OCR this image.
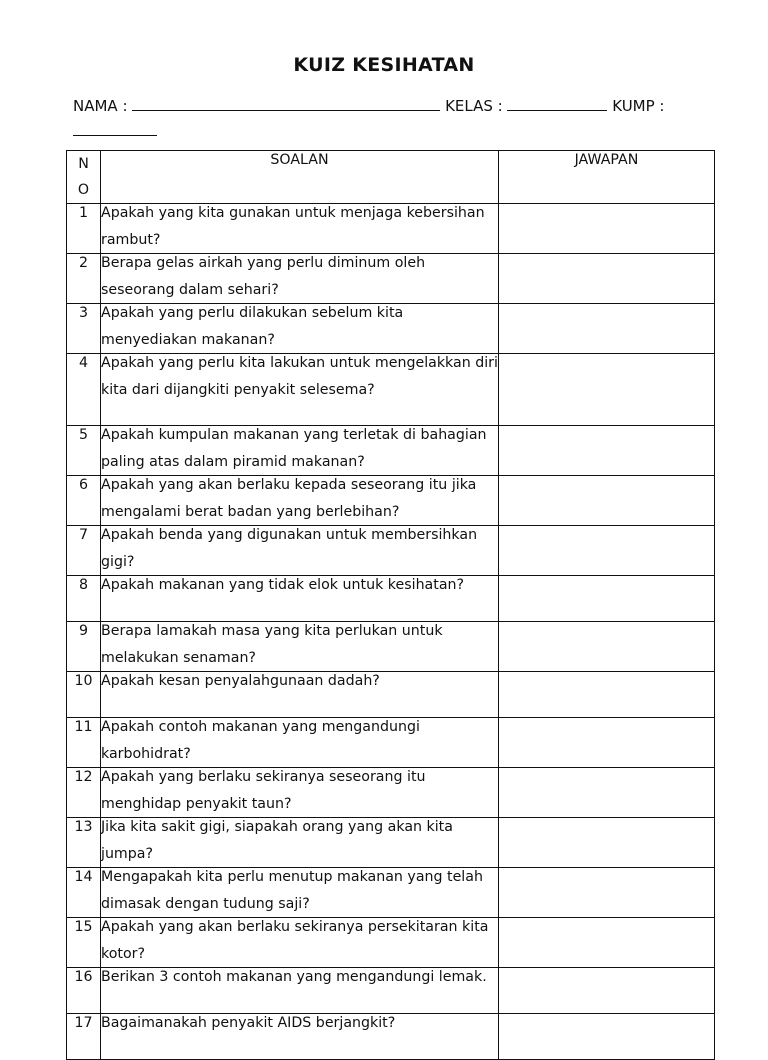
KUIZ KESIHATAN
NAMA :	KELAS :	KUMP :

N
O	SOALAN	JAWAPAN
1	Apakah yang kita gunakan untuk menjaga kebersihan rambut?	

2	Berapa gelas airkah yang perlu diminum oleh seseorang dalam sehari?	

3	Apakah yang perlu dilakukan sebelum kita menyediakan makanan?	

4	Apakah yang perlu kita lakukan untuk mengelakkan diri kita dari dijangkiti penyakit selesema?	

5	Apakah kumpulan makanan yang terletak di bahagian paling atas dalam piramid makanan?	

6	Apakah yang akan berlaku kepada seseorang itu jika mengalami berat badan yang berlebihan?	

7	Apakah benda yang digunakan untuk membersihkan gigi?	

8	Apakah makanan yang tidak elok untuk kesihatan?	

9	Berapa lamakah masa yang kita perlukan untuk melakukan senaman?	

10	Apakah kesan penyalahgunaan dadah?	

11	Apakah contoh makanan yang mengandungi karbohidrat?	

12	Apakah yang berlaku sekiranya seseorang itu menghidap penyakit taun?	

13	Jika kita sakit gigi, siapakah orang yang akan kita jumpa?	

14	Mengapakah kita perlu menutup makanan yang telah dimasak dengan tudung saji?	

15	Apakah yang akan berlaku sekiranya persekitaran kita kotor?	

16	Berikan 3 contoh makanan yang mengandungi lemak.	

17	Bagaimanakah penyakit AIDS berjangkit?	
